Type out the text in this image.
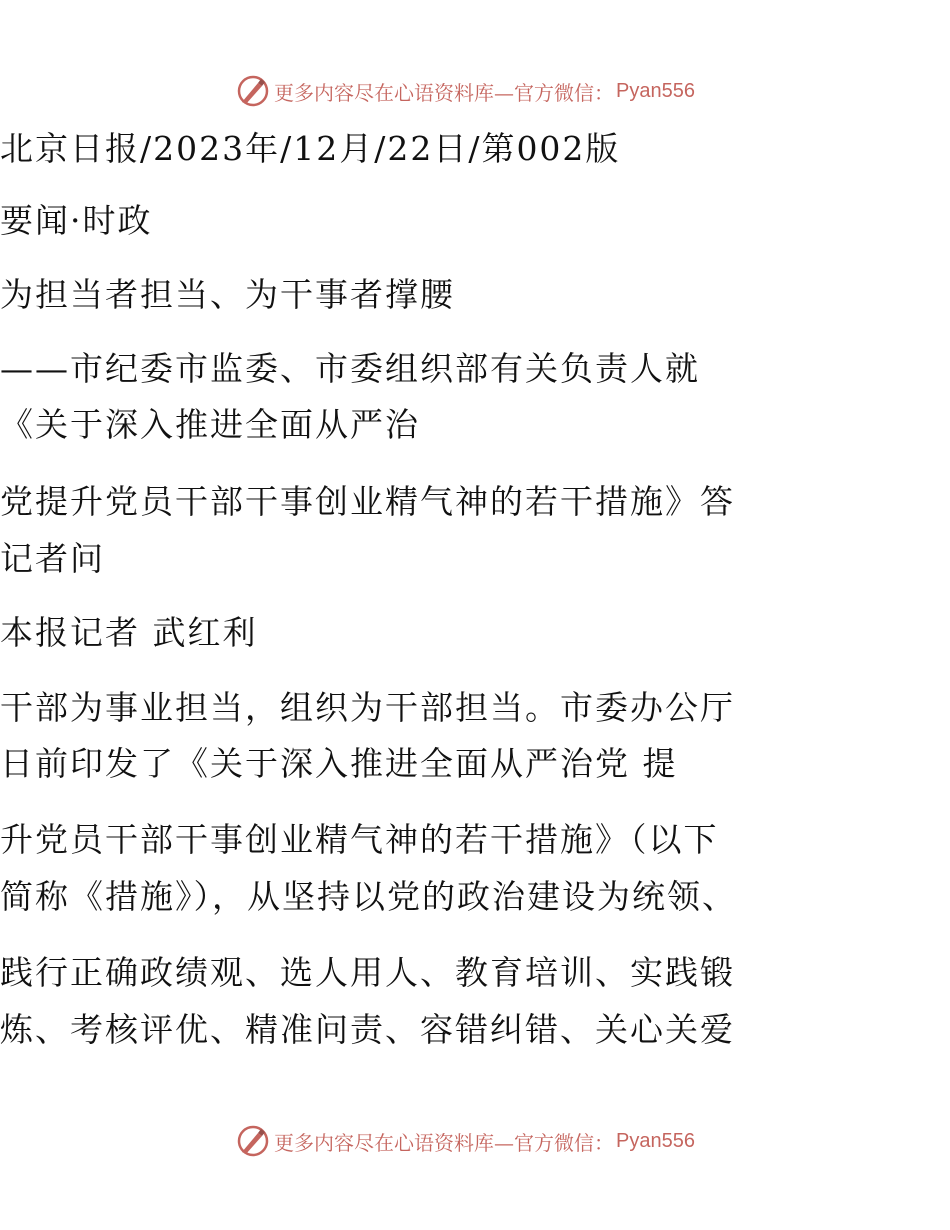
更多内容尽在心语资料库—官方微信： Pyan556
北京日报/2023年/12月/22日/第002版
要闻·时政
为担当者担当、为干事者撑腰
——市纪委市监委、市委组织部有关负责人就
《关于深入推进全面从严治
党提升党员干部干事创业精气神的若干措施》答
记者问
本报记者 武红利
干部为事业担当，组织为干部担当。市委办公厅
日前印发了《关于深入推进全面从严治党 提
升党员干部干事创业精气神的若干措施》（以下
简称《措施》），从坚持以党的政治建设为统领、
践行正确政绩观、选人用人、教育培训、实践锻
炼、考核评优、精准问责、容错纠错、关心关爱
更多内容尽在心语资料库—官方微信： Pyan556
